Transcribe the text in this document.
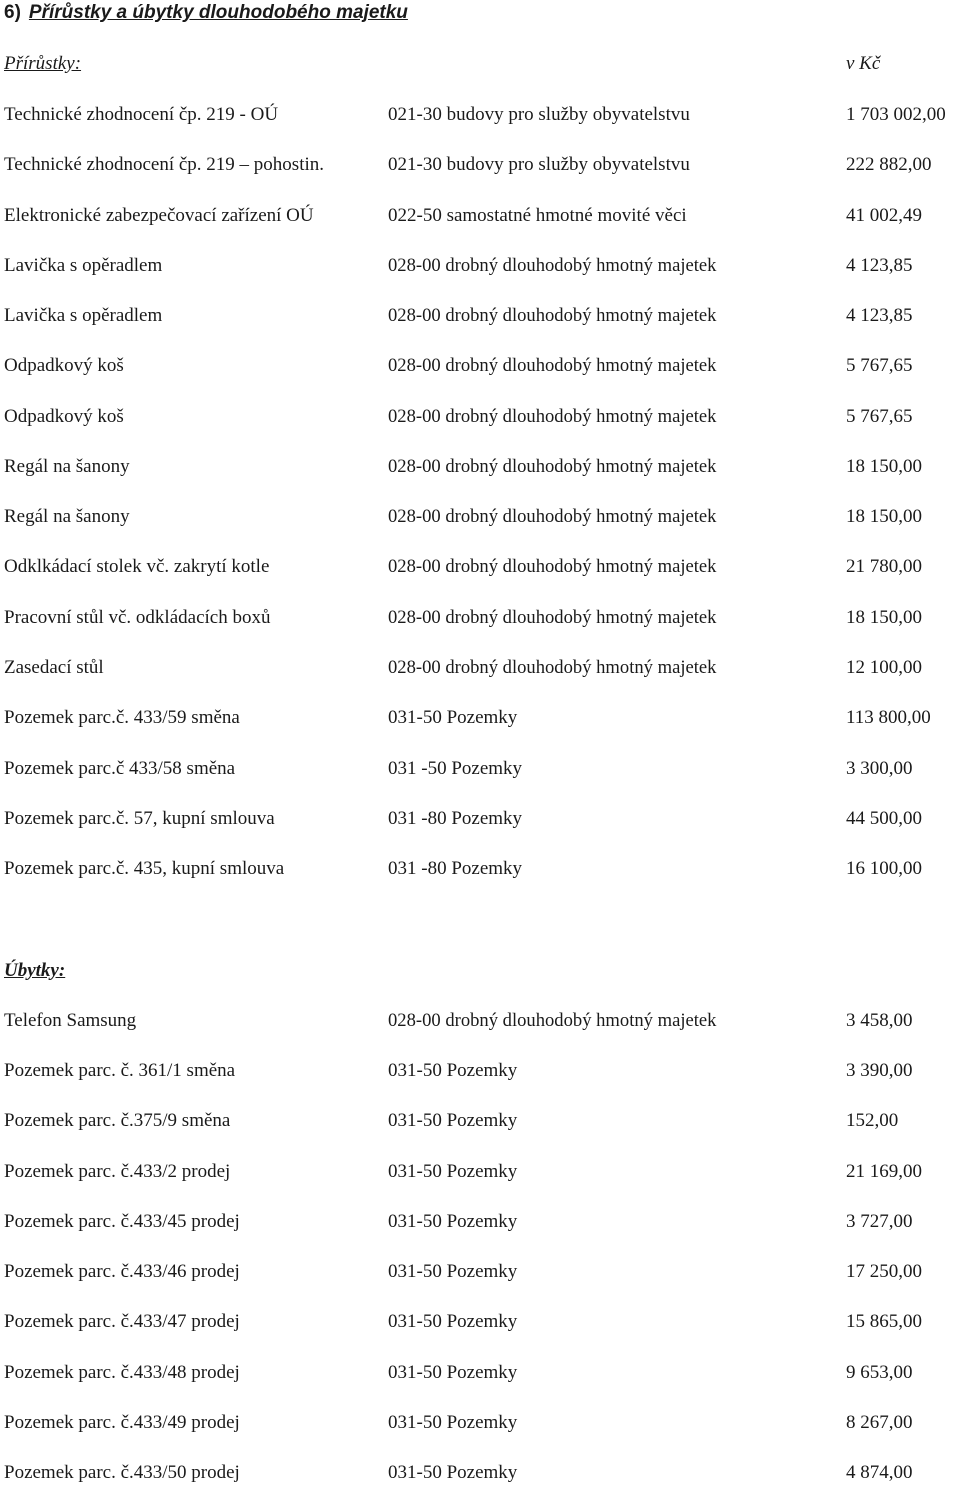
6) Přírůstky a úbytky dlouhodobého majetku
Přírůstky:	v Kč
Technické zhodnocení čp. 219 - OÚ	021-30 budovy pro služby obyvatelstvu	1 703 002,00
Technické zhodnocení čp. 219 – pohostin.	021-30 budovy pro služby obyvatelstvu	222 882,00
Elektronické zabezpečovací zařízení OÚ	022-50 samostatné hmotné movité věci	41 002,49
Lavička s opěradlem	028-00 drobný dlouhodobý hmotný majetek	4 123,85
Lavička s opěradlem	028-00 drobný dlouhodobý hmotný majetek	4 123,85
Odpadkový koš	028-00 drobný dlouhodobý hmotný majetek	5 767,65
Odpadkový koš	028-00 drobný dlouhodobý hmotný majetek	5 767,65
Regál na šanony	028-00 drobný dlouhodobý hmotný majetek	18 150,00
Regál na šanony	028-00 drobný dlouhodobý hmotný majetek	18 150,00
Odklkádací stolek vč. zakrytí kotle	028-00 drobný dlouhodobý hmotný majetek	21 780,00
Pracovní stůl vč. odkládacích boxů	028-00 drobný dlouhodobý hmotný majetek	18 150,00
Zasedací stůl	028-00 drobný dlouhodobý hmotný majetek	12 100,00
Pozemek parc.č. 433/59 směna	031-50 Pozemky	113 800,00
Pozemek parc.č 433/58 směna	031 -50 Pozemky	3 300,00
Pozemek parc.č. 57, kupní smlouva	031 -80 Pozemky	44 500,00
Pozemek parc.č. 435, kupní smlouva	031 -80 Pozemky	16 100,00
Úbytky:
Telefon Samsung	028-00 drobný dlouhodobý hmotný majetek	3 458,00
Pozemek parc. č. 361/1 směna	031-50 Pozemky	3 390,00
Pozemek parc. č.375/9 směna	031-50 Pozemky	152,00
Pozemek parc. č.433/2 prodej	031-50 Pozemky	21 169,00
Pozemek parc. č.433/45 prodej	031-50 Pozemky	3 727,00
Pozemek parc. č.433/46 prodej	031-50 Pozemky	17 250,00
Pozemek parc. č.433/47 prodej	031-50 Pozemky	15 865,00
Pozemek parc. č.433/48 prodej	031-50 Pozemky	9 653,00
Pozemek parc. č.433/49 prodej	031-50 Pozemky	8 267,00
Pozemek parc. č.433/50 prodej	031-50 Pozemky	4 874,00
